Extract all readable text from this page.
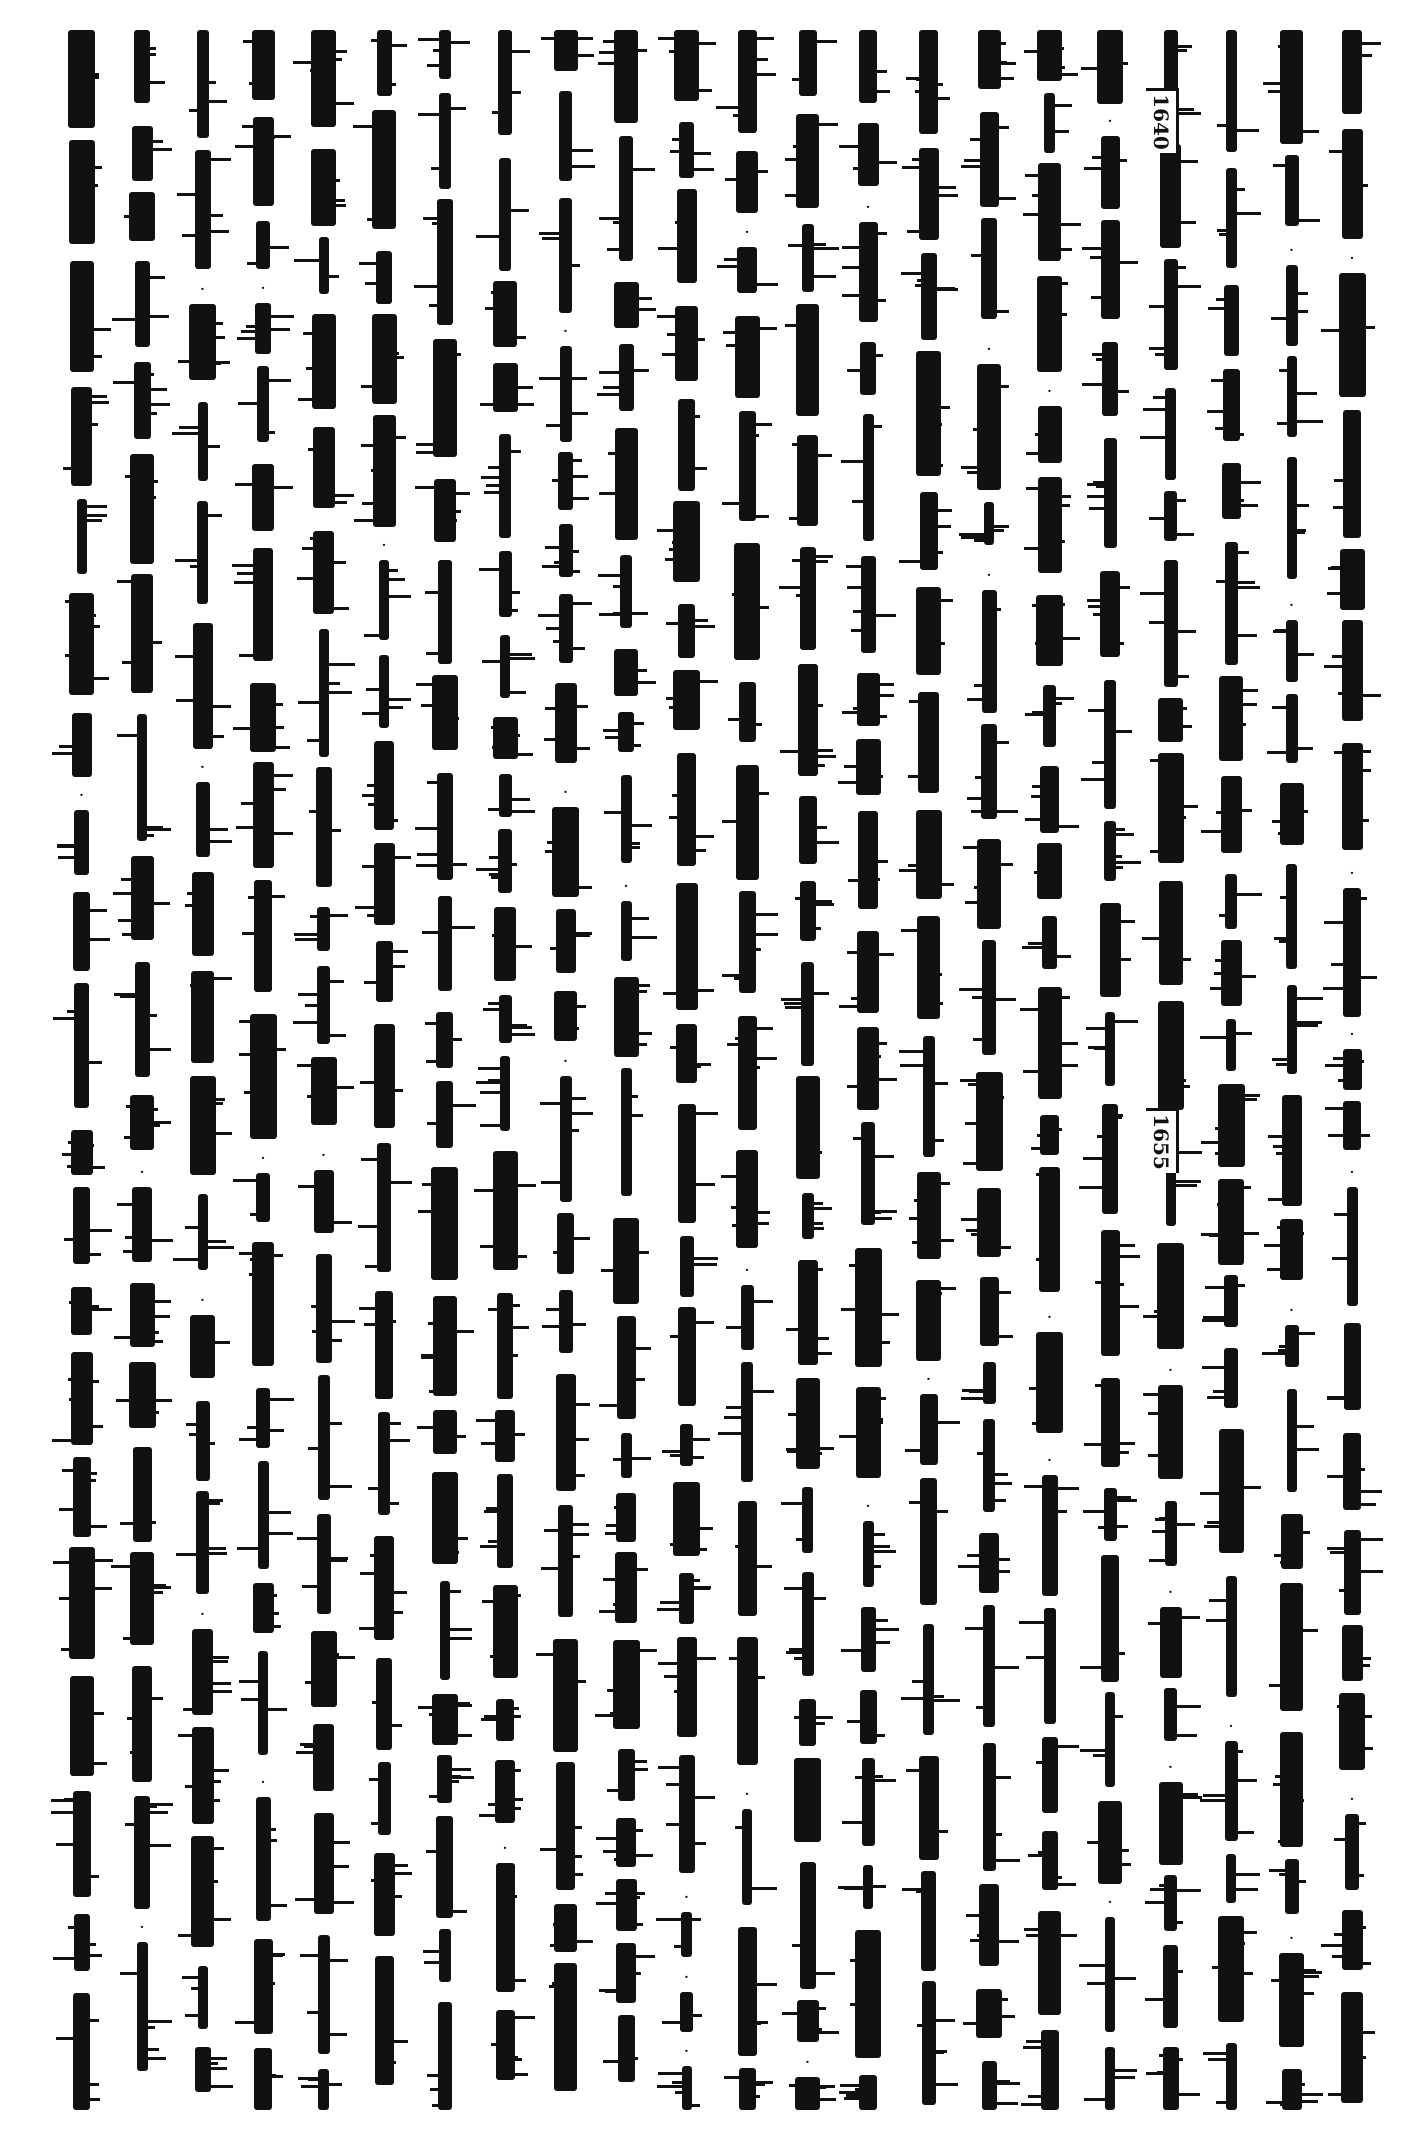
·
·
·
·
·
·
·
·
·
·
·
·
·
·
·
·
·
·
·
·
·
·
·
·
·
·
·
·
·
·
·
·
·
·
·
·
·
·
·
·
·
·
·
·
·
·
·
1640
1655
